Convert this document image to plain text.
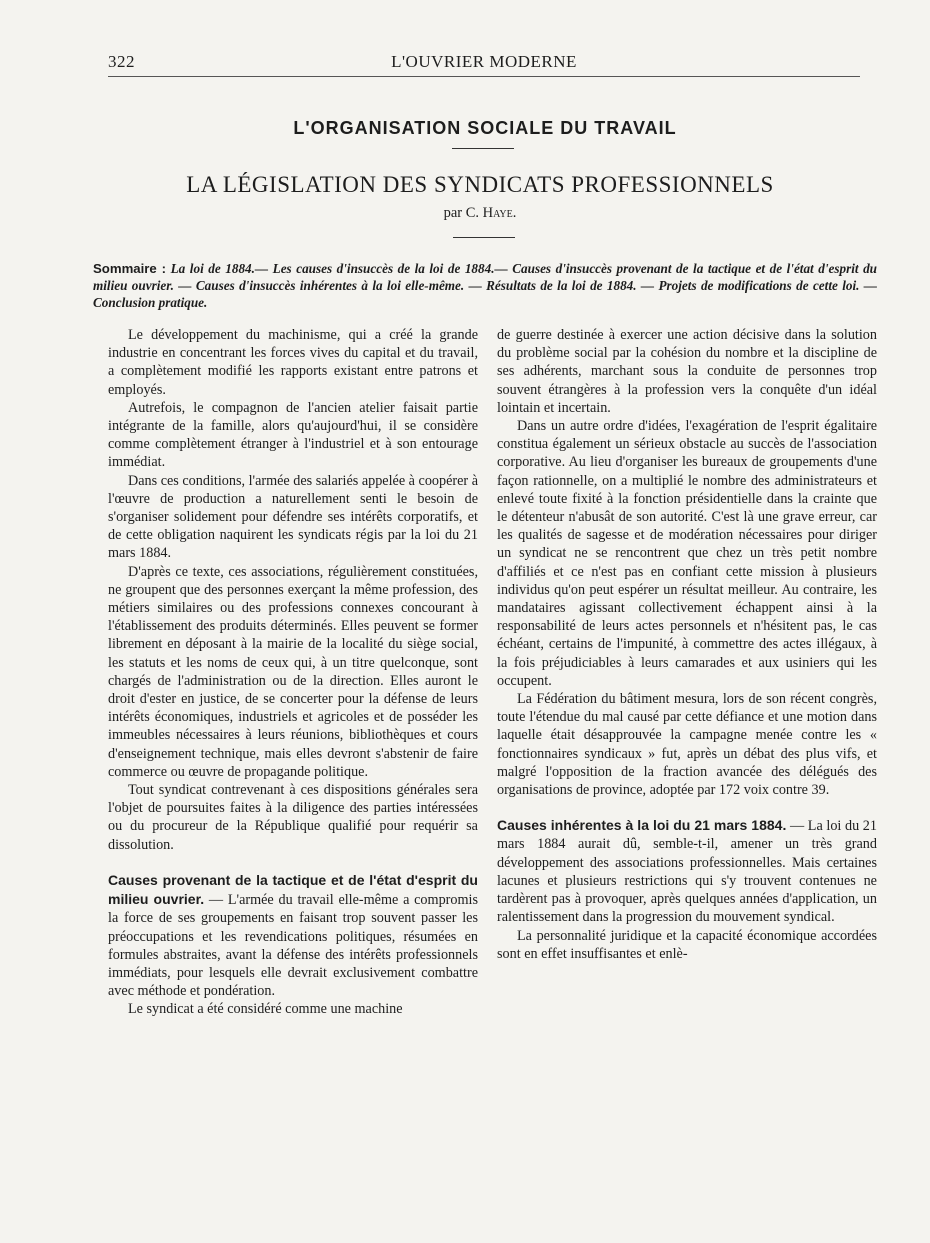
322	L'OUVRIER MODERNE
L'ORGANISATION SOCIALE DU TRAVAIL
LA LÉGISLATION DES SYNDICATS PROFESSIONNELS
par C. Haye.
Sommaire : La loi de 1884.— Les causes d'insuccès de la loi de 1884.— Causes d'insuccès provenant de la tactique et de l'état d'esprit du milieu ouvrier. — Causes d'insuccès inhérentes à la loi elle-même. — Résultats de la loi de 1884. — Projets de modifications de cette loi. — Conclusion pratique.

Le développement du machinisme, qui a créé la grande industrie en concentrant les forces vives du capital et du travail, a complètement modifié les rapports existant entre patrons et employés.

Autrefois, le compagnon de l'ancien atelier faisait partie intégrante de la famille, alors qu'aujourd'hui, il se considère comme complètement étranger à l'industriel et à son entourage immédiat.

Dans ces conditions, l'armée des salariés appelée à coopérer à l'œuvre de production a naturellement senti le besoin de s'organiser solidement pour défendre ses intérêts corporatifs, et de cette obligation naquirent les syndicats régis par la loi du 21 mars 1884.

D'après ce texte, ces associations, régulièrement constituées, ne groupent que des personnes exerçant la même profession, des métiers similaires ou des professions connexes concourant à l'établissement des produits déterminés. Elles peuvent se former librement en déposant à la mairie de la localité du siège social, les statuts et les noms de ceux qui, à un titre quelconque, sont chargés de l'administration ou de la direction. Elles auront le droit d'ester en justice, de se concerter pour la défense de leurs intérêts économiques, industriels et agricoles et de posséder les immeubles nécessaires à leurs réunions, bibliothèques et cours d'enseignement technique, mais elles devront s'abstenir de faire commerce ou œuvre de propagande politique.

Tout syndicat contrevenant à ces dispositions générales sera l'objet de poursuites faites à la diligence des parties intéressées ou du procureur de la République qualifié pour requérir sa dissolution.

Causes provenant de la tactique et de l'état d'esprit du milieu ouvrier. — L'armée du travail elle-même a compromis la force de ses groupements en faisant trop souvent passer les préoccupations et les revendications politiques, résumées en formules abstraites, avant la défense des intérêts professionnels immédiats, pour lesquels elle devrait exclusivement combattre avec méthode et pondération.

Le syndicat a été considéré comme une machine

de guerre destinée à exercer une action décisive dans la solution du problème social par la cohésion du nombre et la discipline de ses adhérents, marchant sous la conduite de personnes trop souvent étrangères à la profession vers la conquête d'un idéal lointain et incertain.

Dans un autre ordre d'idées, l'exagération de l'esprit égalitaire constitua également un sérieux obstacle au succès de l'association corporative. Au lieu d'organiser les bureaux de groupements d'une façon rationnelle, on a multiplié le nombre des administrateurs et enlevé toute fixité à la fonction présidentielle dans la crainte que le détenteur n'abusât de son autorité. C'est là une grave erreur, car les qualités de sagesse et de modération nécessaires pour diriger un syndicat ne se rencontrent que chez un très petit nombre d'affiliés et ce n'est pas en confiant cette mission à plusieurs individus qu'on peut espérer un résultat meilleur. Au contraire, les mandataires agissant collectivement échappent ainsi à la responsabilité de leurs actes personnels et n'hésitent pas, le cas échéant, certains de l'impunité, à commettre des actes illégaux, à la fois préjudiciables à leurs camarades et aux usiniers qui les occupent.

La Fédération du bâtiment mesura, lors de son récent congrès, toute l'étendue du mal causé par cette défiance et une motion dans laquelle était désapprouvée la campagne menée contre les « fonctionnaires syndicaux » fut, après un débat des plus vifs, et malgré l'opposition de la fraction avancée des délégués des organisations de province, adoptée par 172 voix contre 39.

Causes inhérentes à la loi du 21 mars 1884. — La loi du 21 mars 1884 aurait dû, semble-t-il, amener un très grand développement des associations professionnelles. Mais certaines lacunes et plusieurs restrictions qui s'y trouvent contenues ne tardèrent pas à provoquer, après quelques années d'application, un ralentissement dans la progression du mouvement syndical.

La personnalité juridique et la capacité économique accordées sont en effet insuffisantes et enlè-
